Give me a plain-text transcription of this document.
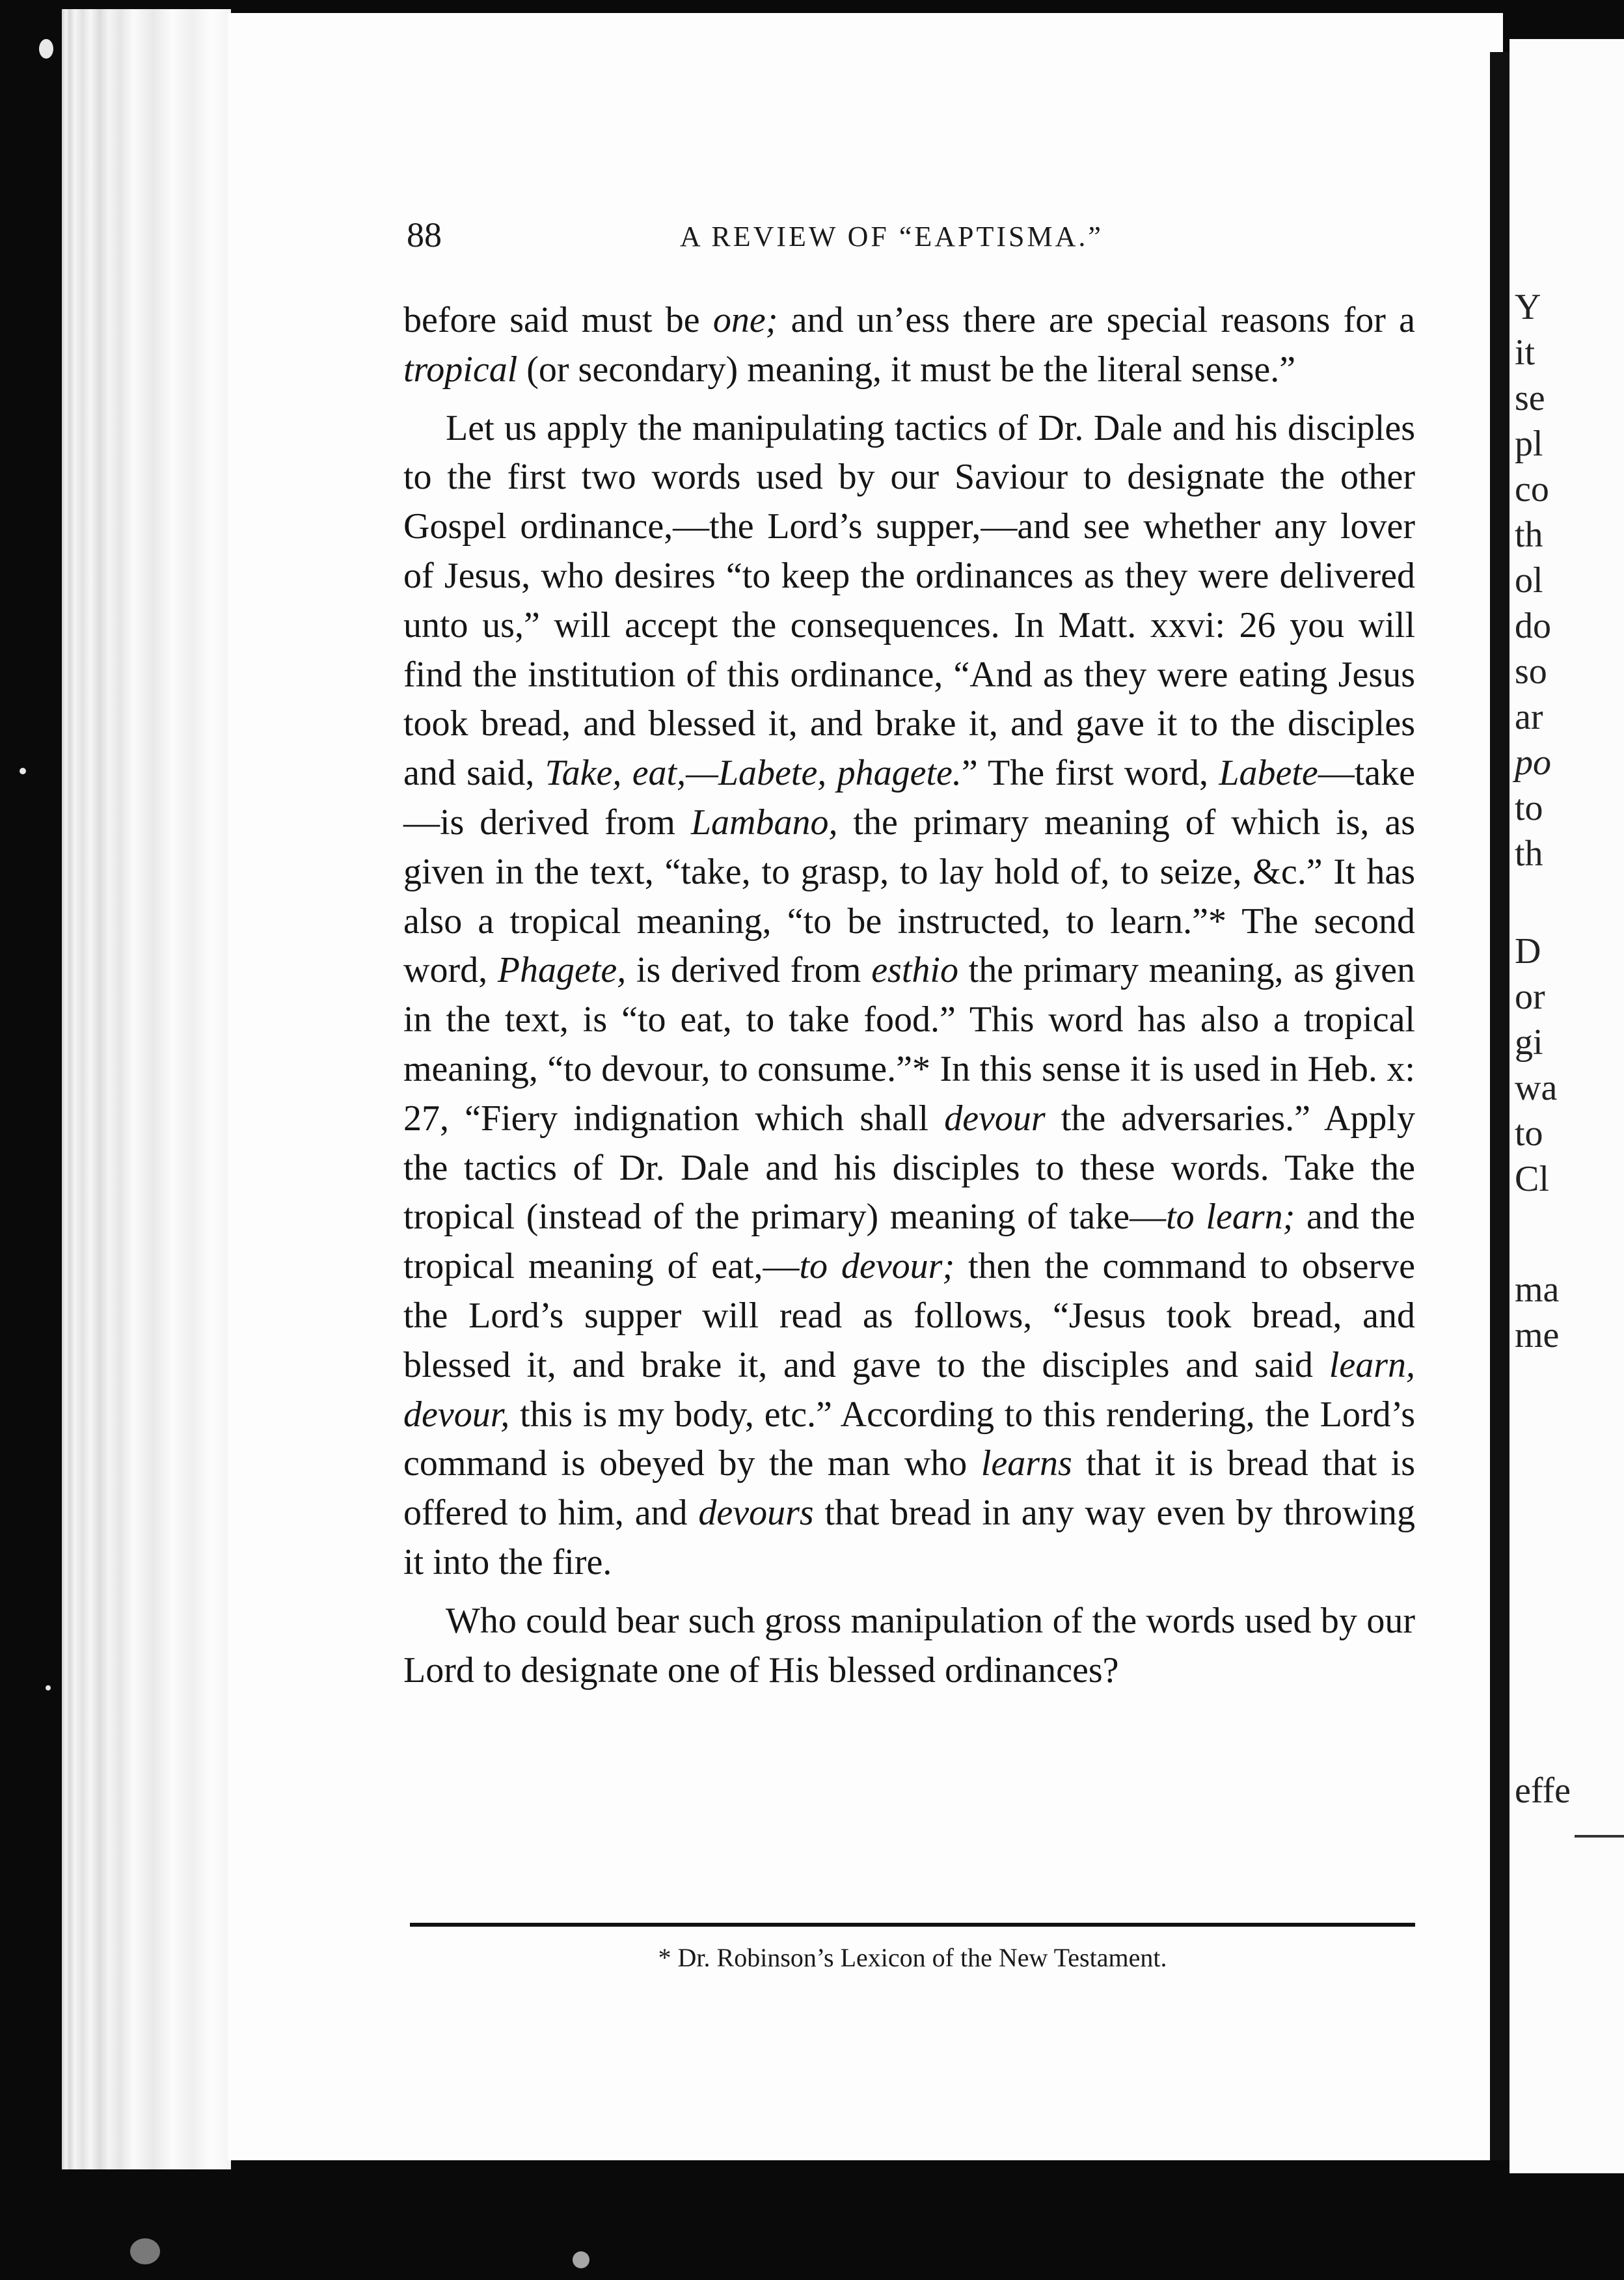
Y
it
se
pl
co
th
ol
do
so
ar
po
to
th
D
or
gi
wa
to
Cl
ma
me
effe
88	A REVIEW OF “EAPTISMA.”

before said must be one; and un’ess there are special reasons for a tropical (or secondary) meaning, it must be the literal sense.”

Let us apply the manipulating tactics of Dr. Dale and his disciples to the first two words used by our Saviour to designate the other Gospel ordinance,—the Lord’s supper,—and see whether any lover of Jesus, who desires “to keep the ordinances as they were delivered unto us,” will accept the consequences. In Matt. xxvi: 26 you will find the institution of this ordinance, “And as they were eating Jesus took bread, and blessed it, and brake it, and gave it to the disciples and said, Take, eat,—Labete, phagete.” The first word, Labete—take—is derived from Lambano, the primary meaning of which is, as given in the text, “take, to grasp, to lay hold of, to seize, &c.” It has also a tropical meaning, “to be instructed, to learn.”* The second word, Phagete, is derived from esthio the primary meaning, as given in the text, is “to eat, to take food.” This word has also a tropical meaning, “to devour, to consume.”* In this sense it is used in Heb. x: 27, “Fiery indignation which shall devour the adversaries.” Apply the tactics of Dr. Dale and his disciples to these words. Take the tropical (instead of the primary) meaning of take—to learn; and the tropical meaning of eat,—to devour; then the command to observe the Lord’s supper will read as follows, “Jesus took bread, and blessed it, and brake it, and gave to the disciples and said learn, devour, this is my body, etc.” According to this rendering, the Lord’s command is obeyed by the man who learns that it is bread that is offered to him, and devours that bread in any way even by throwing it into the fire.

Who could bear such gross manipulation of the words used by our Lord to designate one of His blessed ordinances?

* Dr. Robinson’s Lexicon of the New Testament.
